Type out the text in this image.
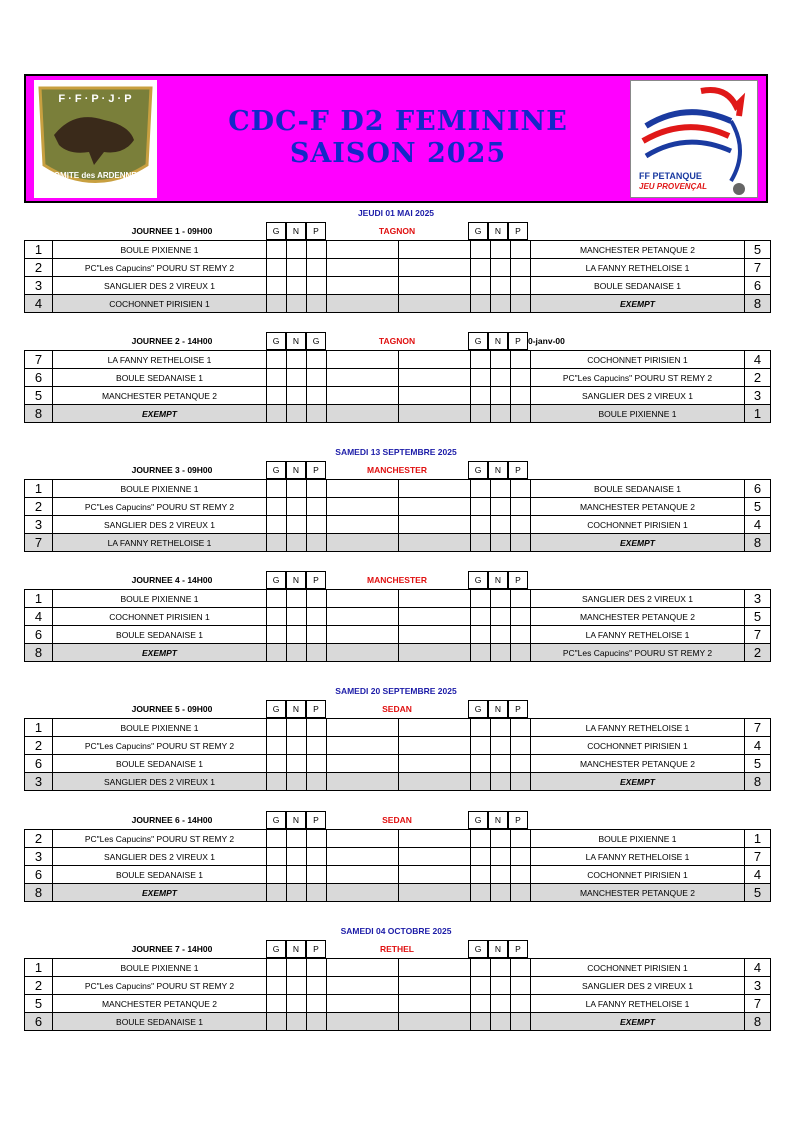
F · F · P · J · P
COMITE des ARDENNES
CDC-F D2 FEMININE
SAISON 2025
FF PETANQUE
JEU PROVENÇAL
JEUDI 01 MAI 2025
SAMEDI 13 SEPTEMBRE 2025
SAMEDI 20 SEPTEMBRE 2025
SAMEDI 04 OCTOBRE 2025
JOURNEE 1 - 09H00	G	N	P	TAGNON	G	N	P
1	BOULE PIXIENNE 1									MANCHESTER PETANQUE 2	5
2	PC"Les Capucins" POURU ST REMY 2									LA FANNY RETHELOISE 1	7
3	SANGLIER DES 2 VIREUX 1									BOULE SEDANAISE 1	6
4	COCHONNET PIRISIEN 1									EXEMPT	8
JOURNEE 2 - 14H00	G	N	G	TAGNON	G	N	P 0-janv-00
7	LA FANNY RETHELOISE 1									COCHONNET PIRISIEN 1	4
6	BOULE SEDANAISE 1									PC"Les Capucins" POURU ST REMY 2	2
5	MANCHESTER PETANQUE 2									SANGLIER DES 2 VIREUX 1	3
8	EXEMPT									BOULE PIXIENNE 1	1
JOURNEE 3 - 09H00	G	N	P	MANCHESTER	G	N	P
1	BOULE PIXIENNE 1									BOULE SEDANAISE 1	6
2	PC"Les Capucins" POURU ST REMY 2									MANCHESTER PETANQUE 2	5
3	SANGLIER DES 2 VIREUX 1									COCHONNET PIRISIEN 1	4
7	LA FANNY RETHELOISE 1									EXEMPT	8
JOURNEE 4 - 14H00	G	N	P	MANCHESTER	G	N	P
1	BOULE PIXIENNE 1									SANGLIER DES 2 VIREUX 1	3
4	COCHONNET PIRISIEN 1									MANCHESTER PETANQUE 2	5
6	BOULE SEDANAISE 1									LA FANNY RETHELOISE 1	7
8	EXEMPT									PC"Les Capucins" POURU ST REMY 2	2
JOURNEE 5 - 09H00	G	N	P	SEDAN	G	N	P
1	BOULE PIXIENNE 1									LA FANNY RETHELOISE 1	7
2	PC"Les Capucins" POURU ST REMY 2									COCHONNET PIRISIEN 1	4
6	BOULE SEDANAISE 1									MANCHESTER PETANQUE 2	5
3	SANGLIER DES 2 VIREUX 1									EXEMPT	8
JOURNEE 6 - 14H00	G	N	P	SEDAN	G	N	P
2	PC"Les Capucins" POURU ST REMY 2									BOULE PIXIENNE 1	1
3	SANGLIER DES 2 VIREUX 1									LA FANNY RETHELOISE 1	7
6	BOULE SEDANAISE 1									COCHONNET PIRISIEN 1	4
8	EXEMPT									MANCHESTER PETANQUE 2	5
JOURNEE 7 - 14H00	G	N	P	RETHEL	G	N	P
1	BOULE PIXIENNE 1									COCHONNET PIRISIEN 1	4
2	PC"Les Capucins" POURU ST REMY 2									SANGLIER DES 2 VIREUX 1	3
5	MANCHESTER PETANQUE 2									LA FANNY RETHELOISE 1	7
6	BOULE SEDANAISE 1									EXEMPT	8
